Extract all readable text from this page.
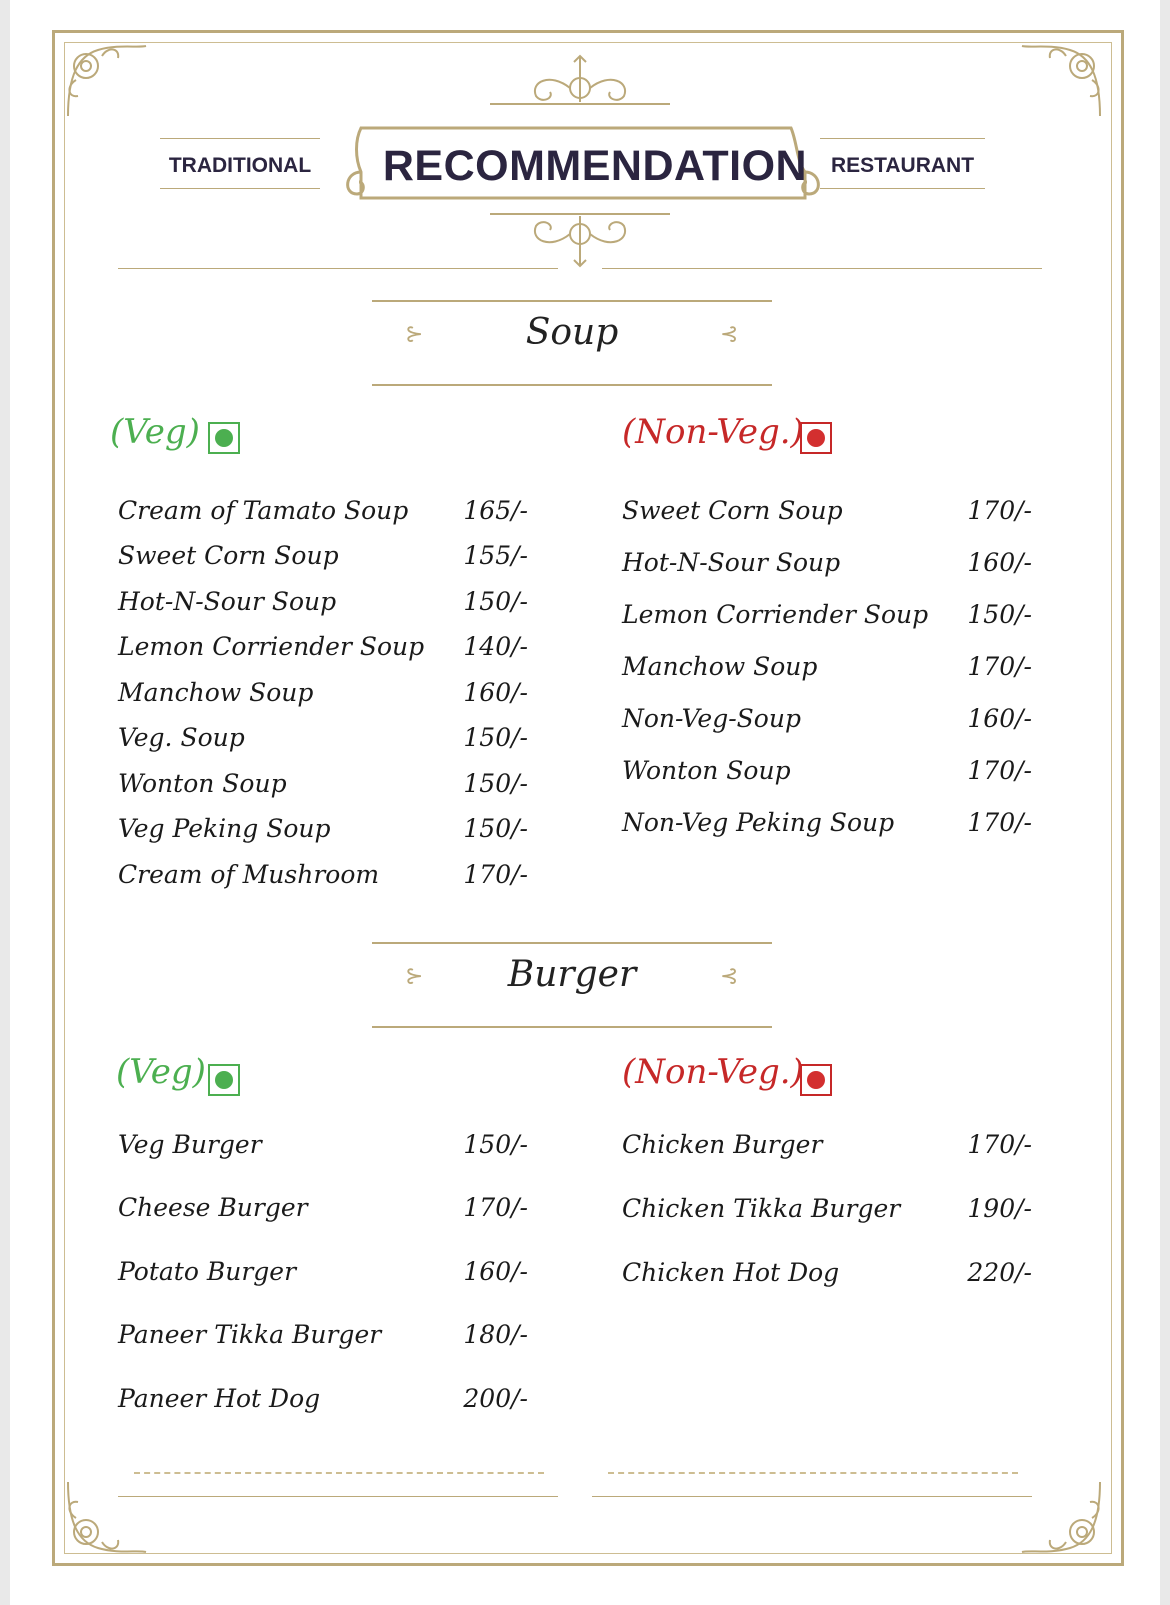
TRADITIONAL	RESTAURANT
RECOMMENDATION
⊱	Soup	⊰
(Veg)	(Non-Veg.)
Cream of Tamato Soup 165/-
Sweet Corn Soup	155/-
Hot-N-Sour Soup	150/-
Lemon Corriender Soup 140/-
Manchow Soup	160/-
Veg. Soup	150/-
Wonton Soup	150/-
Veg Peking Soup	150/-
Cream of Mushroom	170/-
Sweet Corn Soup	170/-
Hot-N-Sour Soup	160/-
Lemon Corriender Soup 150/-
Manchow Soup	170/-
Non-Veg-Soup	160/-
Wonton Soup	170/-
Non-Veg Peking Soup	170/-
⊱	Burger	⊰
(Veg)	(Non-Veg.)
Veg Burger	150/-
Cheese Burger	170/-
Potato Burger	160/-
Paneer Tikka Burger	180/-
Paneer Hot Dog	200/-
Chicken Burger	170/-
Chicken Tikka Burger	190/-
Chicken Hot Dog	220/-
